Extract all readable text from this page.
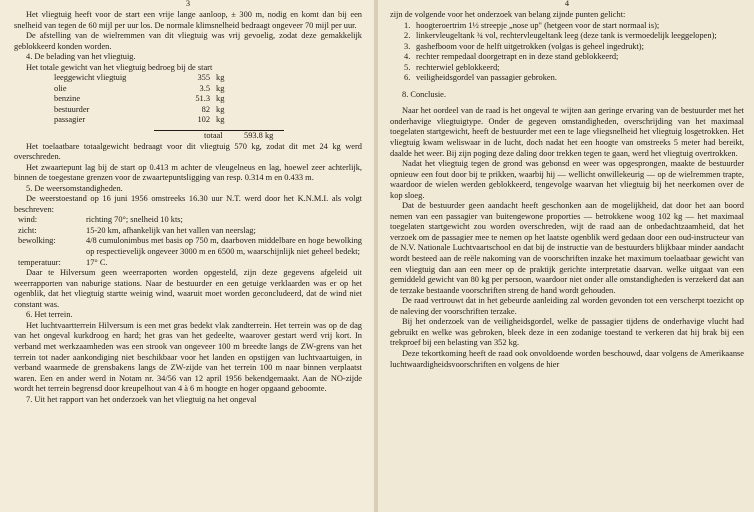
3

Het vliegtuig heeft voor de start een vrije lange aanloop, ± 300 m, nodig en komt dan bij een snelheid van tegen de 60 mijl per uur los. De normale klimsnelheid bedraagt ongeveer 70 mijl per uur.

De afstelling van de wielremmen van dit vliegtuig was vrij gevoelig, zodat deze gemakkelijk geblokkeerd konden worden.

4. De belading van het vliegtuig.

Het totale gewicht van het vliegtuig bedroeg bij de start

leeggewicht vliegtuig	355 kg
olie	3.5 kg
benzine	51.3 kg
bestuurder	82 kg
passagier	102 kg
totaal	593.8 kg

Het toelaatbare totaalgewicht bedraagt voor dit vliegtuig 570 kg, zodat dit met 24 kg werd overschreden.

Het zwaartepunt lag bij de start op 0.413 m achter de vleugelneus en lag, hoewel zeer achterlijk, binnen de toegestane grenzen voor de zwaartepuntsligging van resp. 0.314 m en 0.433 m.

5. De weersomstandigheden.

De weerstoestand op 16 juni 1956 omstreeks 16.30 uur N.T. werd door het K.N.M.I. als volgt beschreven:

wind:	richting 70°; snelheid 10 kts;
zicht:	15-20 km, afhankelijk van het vallen van neerslag;
bewolking:	4/8 cumulonimbus met basis op 750 m, daarboven middelbare en hoge bewolking op respectievelijk ongeveer 3000 m en 6500 m, waarschijnlijk niet geheel bedekt;
temperatuur:	17° C.

Daar te Hilversum geen weerraporten worden opgesteld, zijn deze gegevens afgeleid uit weerrapporten van naburige stations. Naar de bestuurder en een getuige verklaarden was er op het ogenblik, dat het vliegtuig startte weinig wind, waaruit moet worden geconcludeerd, dat de wind niet constant was.

6. Het terrein.

Het luchtvaartterrein Hilversum is een met gras bedekt vlak zandterrein. Het terrein was op de dag van het ongeval kurkdroog en hard; het gras van het gedeelte, waarover gestart werd vrij kort. In verband met werkzaamheden was een strook van ongeveer 100 m breedte langs de ZW-grens van het terrein tot nader aankondiging niet beschikbaar voor het landen en opstijgen van luchtvaartuigen, in verband waarmede de grensbakens langs de ZW-zijde van het terrein 100 m naar binnen verplaatst waren. Een en ander werd in Notam nr. 34/56 van 12 april 1956 bekendgemaakt. Aan de NO-zijde wordt het terrein begrensd door kreupelhout van 4 à 6 m hoogte en hoger opgaand geboomte.

7. Uit het rapport van het onderzoek van het vliegtuig na het ongeval

4

zijn de volgende voor het onderzoek van belang zijnde punten gelicht:

1. hoogteroertrim 1½ streepje „nose up" (hetgeen voor de start normaal is);
2. linkervleugeltank ¾ vol, rechtervleugeltank leeg (deze tank is vermoedelijk leeggelopen);
3. gashefboom voor de helft uitgetrokken (volgas is geheel ingedrukt);
4. rechter rempedaal doorgetrapt en in deze stand geblokkeerd;
5. rechterwiel geblokkeerd;
6. veiligheidsgordel van passagier gebroken.

8. Conclusie.

Naar het oordeel van de raad is het ongeval te wijten aan geringe ervaring van de bestuurder met het onderhavige vliegtuigtype. Onder de gegeven omstandigheden, overschrijding van het maximaal toegelaten startgewicht, heeft de bestuurder met een te lage vliegsnelheid het vliegtuig losgetrokken. Het vliegtuig kwam weliswaar in de lucht, doch nadat het een hoogte van omstreeks 5 meter had bereikt, daalde het weer. Bij zijn poging deze daling door trekken tegen te gaan, werd het vliegtuig overtrokken.

Nadat het vliegtuig tegen de grond was gebonsd en weer was opgesprongen, maakte de bestuurder opnieuw een fout door bij te prikken, waarbij hij — wellicht onwillekeurig — op de wielremmen trapte, waardoor de wielen werden geblokkeerd, tengevolge waarvan het vliegtuig bij het neerkomen over de kop sloeg.

Dat de bestuurder geen aandacht heeft geschonken aan de mogelijkheid, dat door het aan boord nemen van een passagier van buitengewone proporties — betrokkene woog 102 kg — het maximaal toegelaten startgewicht zou worden overschreden, wijt de raad aan de onbedachtzaamheid, dat het verzoek om de passagier mee te nemen op het laatste ogenblik werd gedaan door een oud-instructeur van de N.V. Nationale Luchtvaartschool en dat bij de instructie van de bestuurders blijkbaar minder aandacht wordt besteed aan de reële nakoming van de voorschriften inzake het maximum toelaatbaar gewicht van een vliegtuig dan aan een meer op de praktijk gerichte interpretatie daarvan. welke uitgaat van een gemiddeld gewicht van 80 kg per persoon, waardoor niet onder alle omstandigheden is verzekerd dat aan de terzake bestaande voorschriften streng de hand wordt gehouden.

De raad vertrouwt dat in het gebeurde aanleiding zal worden gevonden tot een verscherpt toezicht op de naleving der voorschriften terzake.

Bij het onderzoek van de veiligheidsgordel, welke de passagier tijdens de onderhavige vlucht had gebruikt en welke was gebroken, bleek deze in een zodanige toestand te verkeren dat hij brak bij een trekproef bij een belasting van 352 kg.

Deze tekortkoming heeft de raad ook onvoldoende worden beschouwd, daar volgens de Amerikaanse luchtwaardigheidsvoorschriften en volgens de hier
